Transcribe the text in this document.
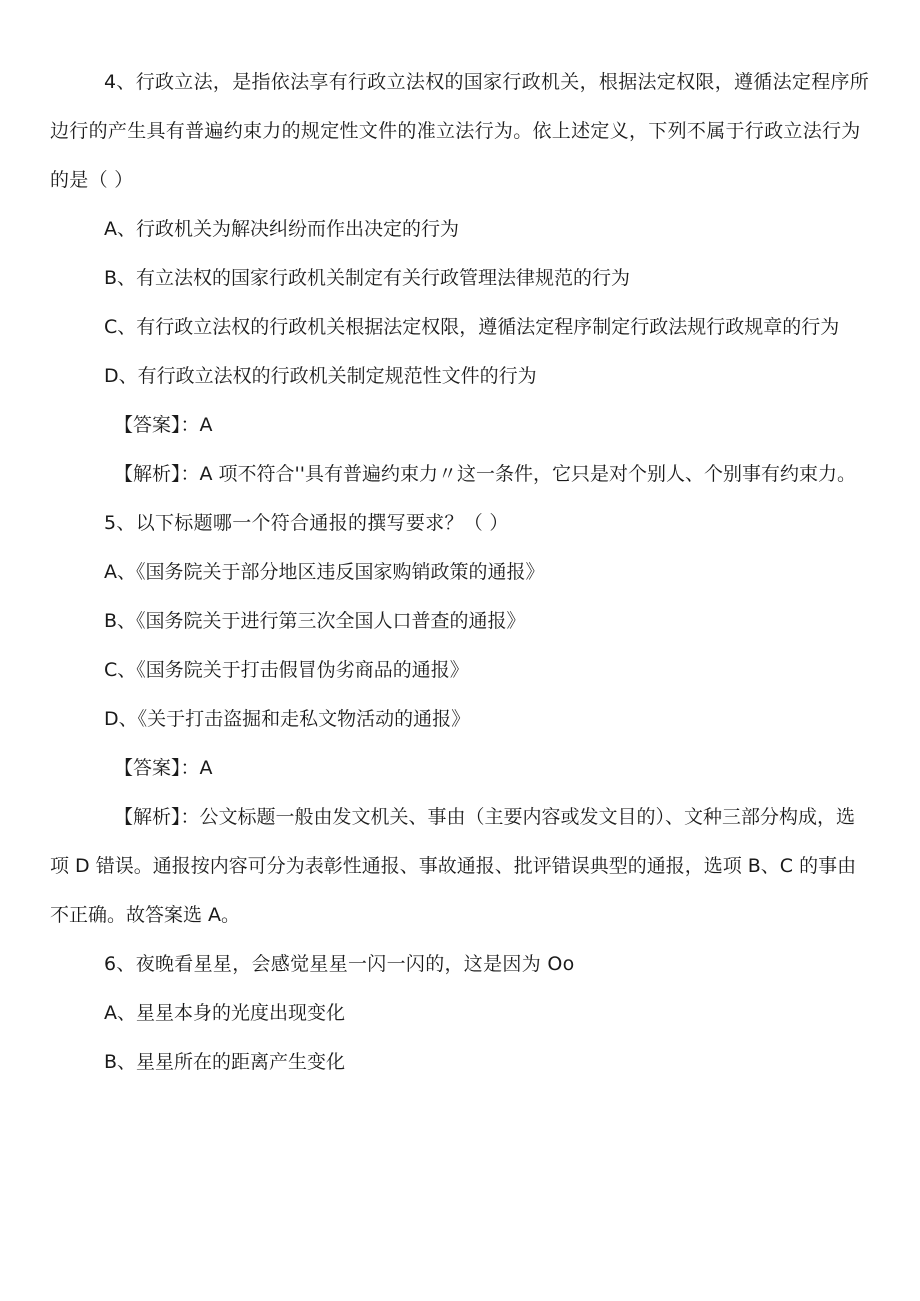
4、行政立法，是指依法享有行政立法权的国家行政机关，根据法定权限，遵循法定程序所边行的产生具有普遍约束力的规定性文件的准立法行为。依上述定义，下列不属于行政立法行为的是（ ）

A、行政机关为解决纠纷而作出决定的行为

B、有立法权的国家行政机关制定有关行政管理法律规范的行为

C、有行政立法权的行政机关根据法定权限，遵循法定程序制定行政法规行政规章的行为

D、有行政立法权的行政机关制定规范性文件的行为

【答案】：A

【解析】：A 项不符合''具有普遍约束力〃这一条件，它只是对个别人、个别事有约束力。

5、以下标题哪一个符合通报的撰写要求？（ ）

A、《国务院关于部分地区违反国家购销政策的通报》

B、《国务院关于进行第三次全国人口普查的通报》

C、《国务院关于打击假冒伪劣商品的通报》

D、《关于打击盗掘和走私文物活动的通报》

【答案】：A

【解析】：公文标题一般由发文机关、事由（主要内容或发文目的）、文种三部分构成，选项 D 错误。通报按内容可分为表彰性通报、事故通报、批评错误典型的通报，选项 B、C 的事由不正确。故答案选 A。

6、夜晚看星星，会感觉星星一闪一闪的，这是因为 Oo

A、星星本身的光度出现变化

B、星星所在的距离产生变化
